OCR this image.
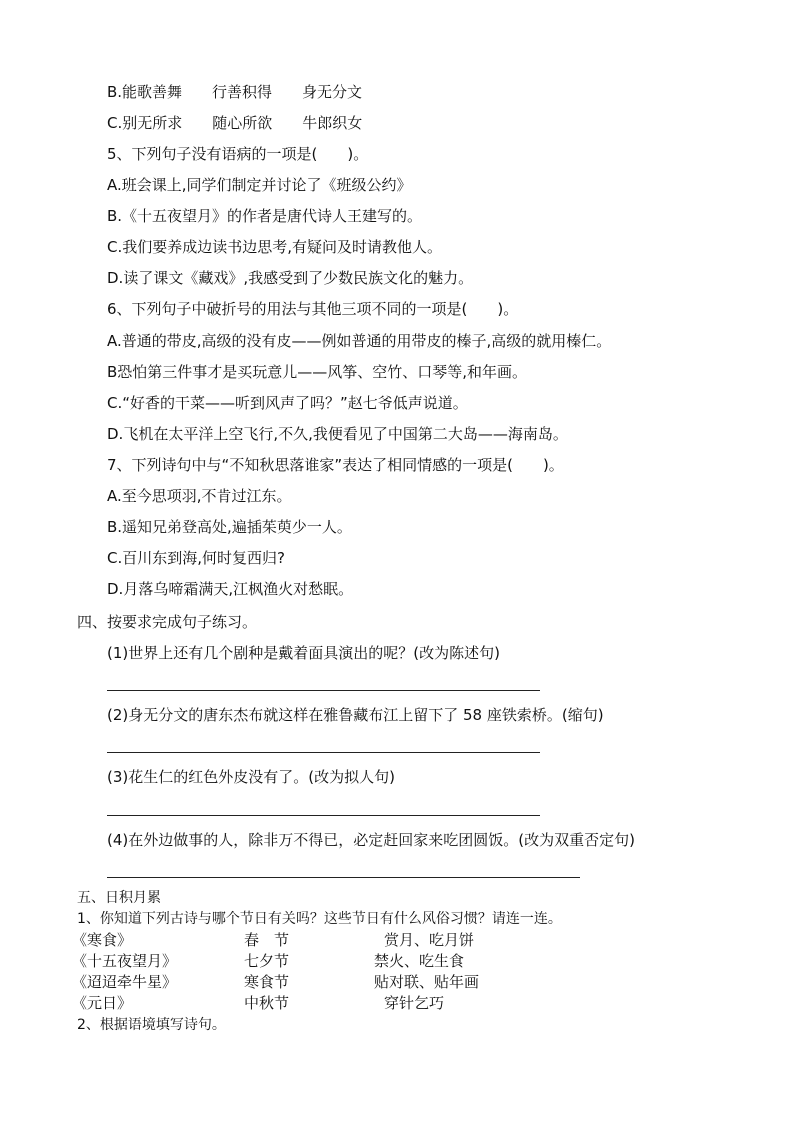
B.能歌善舞　　行善积得　　身无分文
C.别无所求　　随心所欲　　牛郎织女
5、下列句子没有语病的一项是(　　)。
A.班会课上,同学们制定并讨论了《班级公约》
B.《十五夜望月》的作者是唐代诗人王建写的。
C.我们要养成边读书边思考,有疑问及时请教他人。
D.读了课文《藏戏》,我感受到了少数民族文化的魅力。
6、下列句子中破折号的用法与其他三项不同的一项是(　　)。
A.普通的带皮,高级的没有皮——例如普通的用带皮的榛子,高级的就用榛仁。
B恐怕第三件事才是买玩意儿——风筝、空竹、口琴等,和年画。
C.“好香的干菜——听到风声了吗？”赵七爷低声说道。
D.飞机在太平洋上空飞行,不久,我便看见了中国第二大岛——海南岛。
7、下列诗句中与“不知秋思落谁家”表达了相同情感的一项是(　　)。
A.至今思项羽,不肯过江东。
B.遥知兄弟登高处,遍插茱萸少一人。
C.百川东到海,何时复西归?
D.月落乌啼霜满天,江枫渔火对愁眠。
四、按要求完成句子练习。
(1)世界上还有几个剧种是戴着面具演出的呢？(改为陈述句)
(2)身无分文的唐东杰布就这样在雅鲁藏布江上留下了 58 座铁索桥。(缩句)
(3)花生仁的红色外皮没有了。(改为拟人句)
(4)在外边做事的人，除非万不得已，必定赶回家来吃团圆饭。(改为双重否定句)
五、日积月累
1、你知道下列古诗与哪个节日有关吗？这些节日有什么风俗习惯？请连一连。
《寒食》
《十五夜望月》
《迢迢牵牛星》
《元日》
春　节
七夕节
寒食节
中秋节
赏月、吃月饼
禁火、吃生食
贴对联、贴年画
穿针乞巧
2、根据语境填写诗句。
